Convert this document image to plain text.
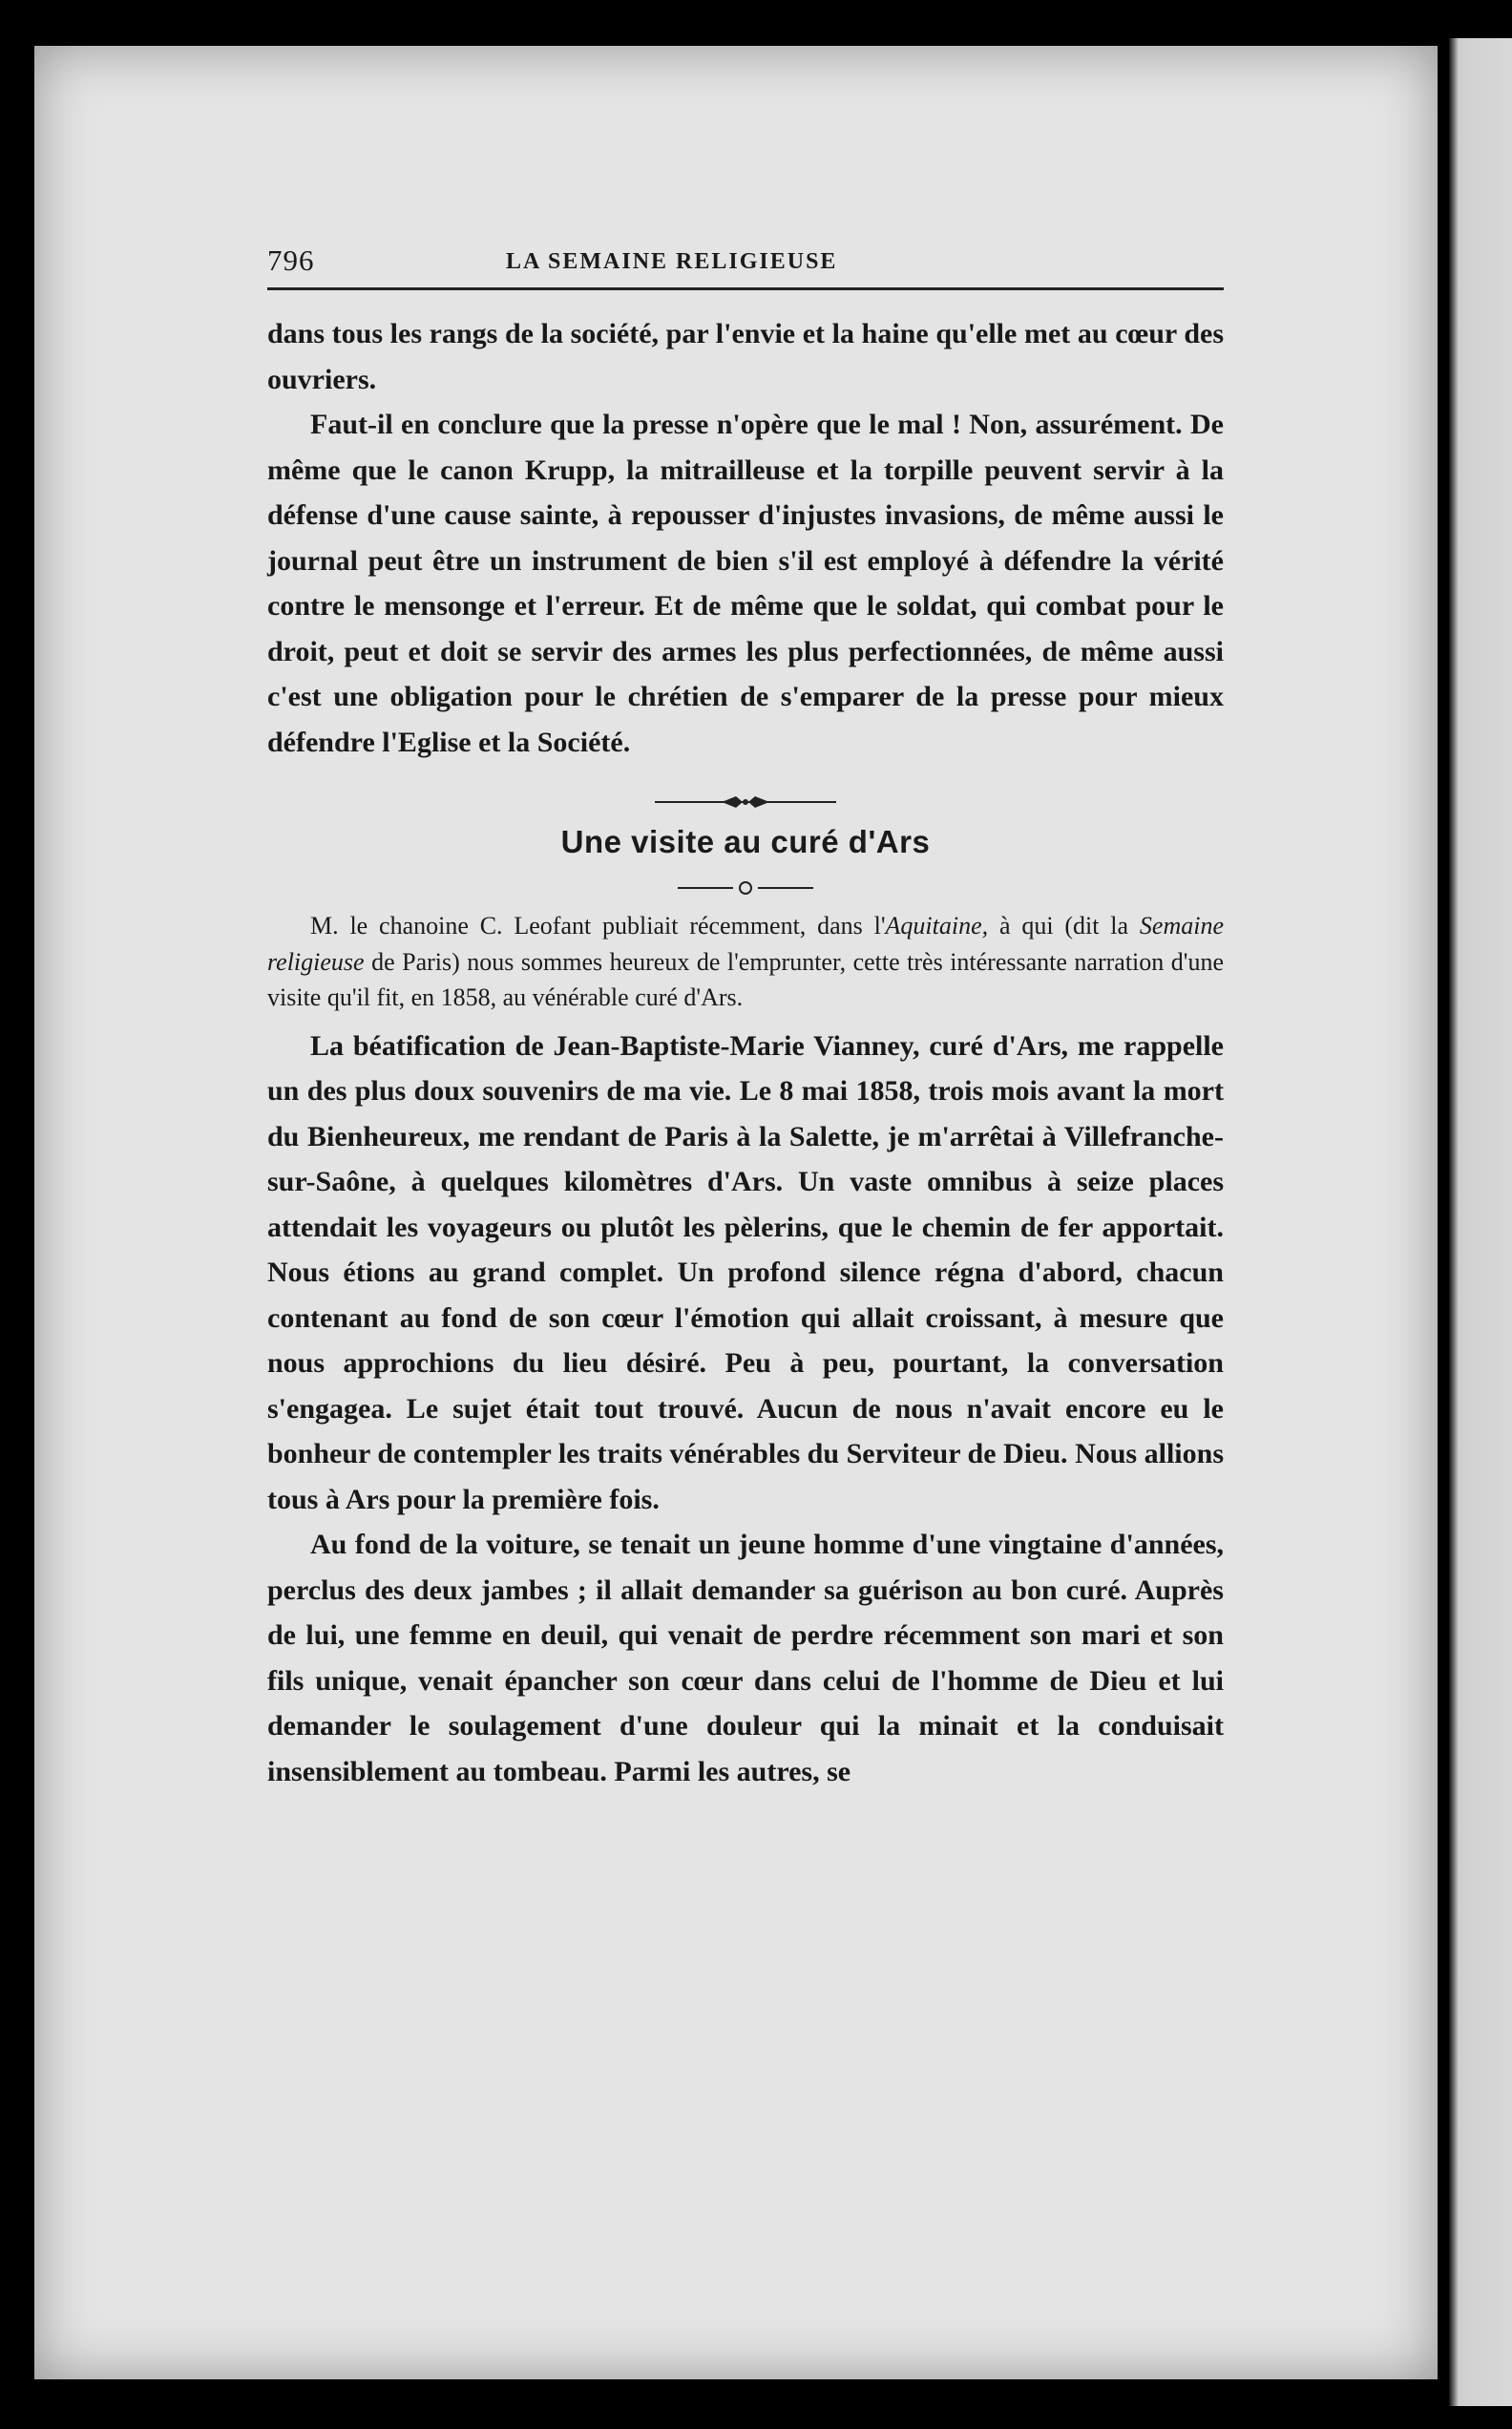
796	LA SEMAINE RELIGIEUSE

dans tous les rangs de la société, par l'envie et la haine qu'elle met au cœur des ouvriers.

Faut-il en conclure que la presse n'opère que le mal ! Non, assurément. De même que le canon Krupp, la mitrailleuse et la torpille peuvent servir à la défense d'une cause sainte, à repousser d'injustes invasions, de même aussi le journal peut être un instrument de bien s'il est employé à défendre la vérité contre le mensonge et l'erreur. Et de même que le soldat, qui combat pour le droit, peut et doit se servir des armes les plus perfectionnées, de même aussi c'est une obligation pour le chrétien de s'emparer de la presse pour mieux défendre l'Eglise et la Société.

Une visite au curé d'Ars

M. le chanoine C. Leofant publiait récemment, dans l'Aquitaine, à qui (dit la Semaine religieuse de Paris) nous sommes heureux de l'emprunter, cette très intéressante narration d'une visite qu'il fit, en 1858, au vénérable curé d'Ars.

La béatification de Jean-Baptiste-Marie Vianney, curé d'Ars, me rappelle un des plus doux souvenirs de ma vie. Le 8 mai 1858, trois mois avant la mort du Bienheureux, me rendant de Paris à la Salette, je m'arrêtai à Villefranche-sur-Saône, à quelques kilomètres d'Ars. Un vaste omnibus à seize places attendait les voyageurs ou plutôt les pèlerins, que le chemin de fer apportait. Nous étions au grand complet. Un profond silence régna d'abord, chacun contenant au fond de son cœur l'émotion qui allait croissant, à mesure que nous approchions du lieu désiré. Peu à peu, pourtant, la conversation s'engagea. Le sujet était tout trouvé. Aucun de nous n'avait encore eu le bonheur de contempler les traits vénérables du Serviteur de Dieu. Nous allions tous à Ars pour la première fois.

Au fond de la voiture, se tenait un jeune homme d'une vingtaine d'années, perclus des deux jambes ; il allait demander sa guérison au bon curé. Auprès de lui, une femme en deuil, qui venait de perdre récemment son mari et son fils unique, venait épancher son cœur dans celui de l'homme de Dieu et lui demander le soulagement d'une douleur qui la minait et la conduisait insensiblement au tombeau. Parmi les autres, se
